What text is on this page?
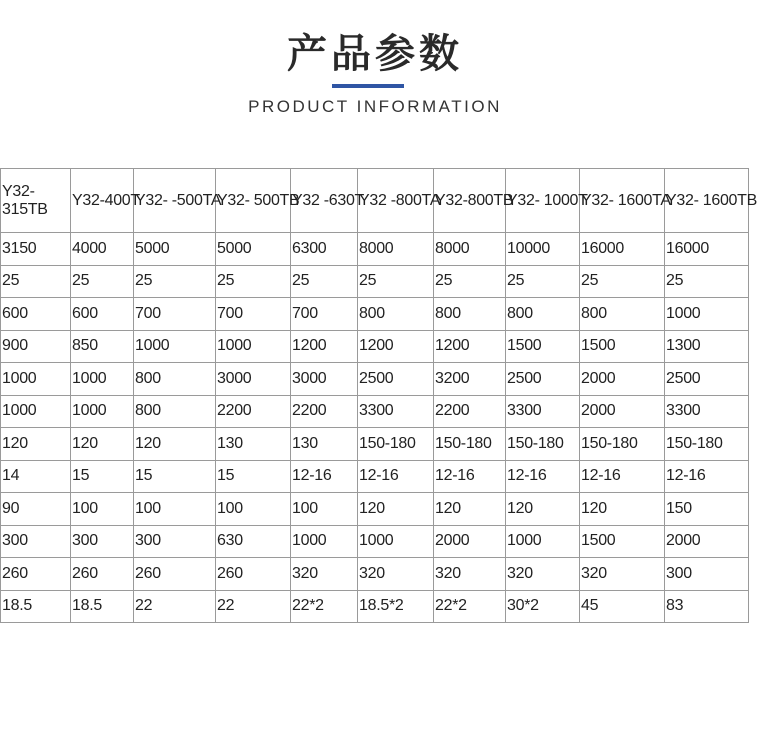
产品参数
PRODUCT INFORMATION
Y32- 315TB	Y32-400T	Y32- -500TA	Y32- 500TB	Y32 -630T	Y32 -800TA	Y32-800TB	Y32- 1000T	Y32- 1600TA	Y32- 1600TB
3150	4000	5000	5000	6300	8000	8000	10000	16000	16000
25	25	25	25	25	25	25	25	25	25
600	600	700	700	700	800	800	800	800	1000
900	850	1000	1000	1200	1200	1200	1500	1500	1300
1000	1000	800	3000	3000	2500	3200	2500	2000	2500
1000	1000	800	2200	2200	3300	2200	3300	2000	3300
120	120	120	130	130	150-180	150-180	150-180	150-180	150-180
14	15	15	15	12-16	12-16	12-16	12-16	12-16	12-16
90	100	100	100	100	120	120	120	120	150
300	300	300	630	1000	1000	2000	1000	1500	2000
260	260	260	260	320	320	320	320	320	300
18.5	18.5	22	22	22*2	18.5*2	22*2	30*2	45	83
